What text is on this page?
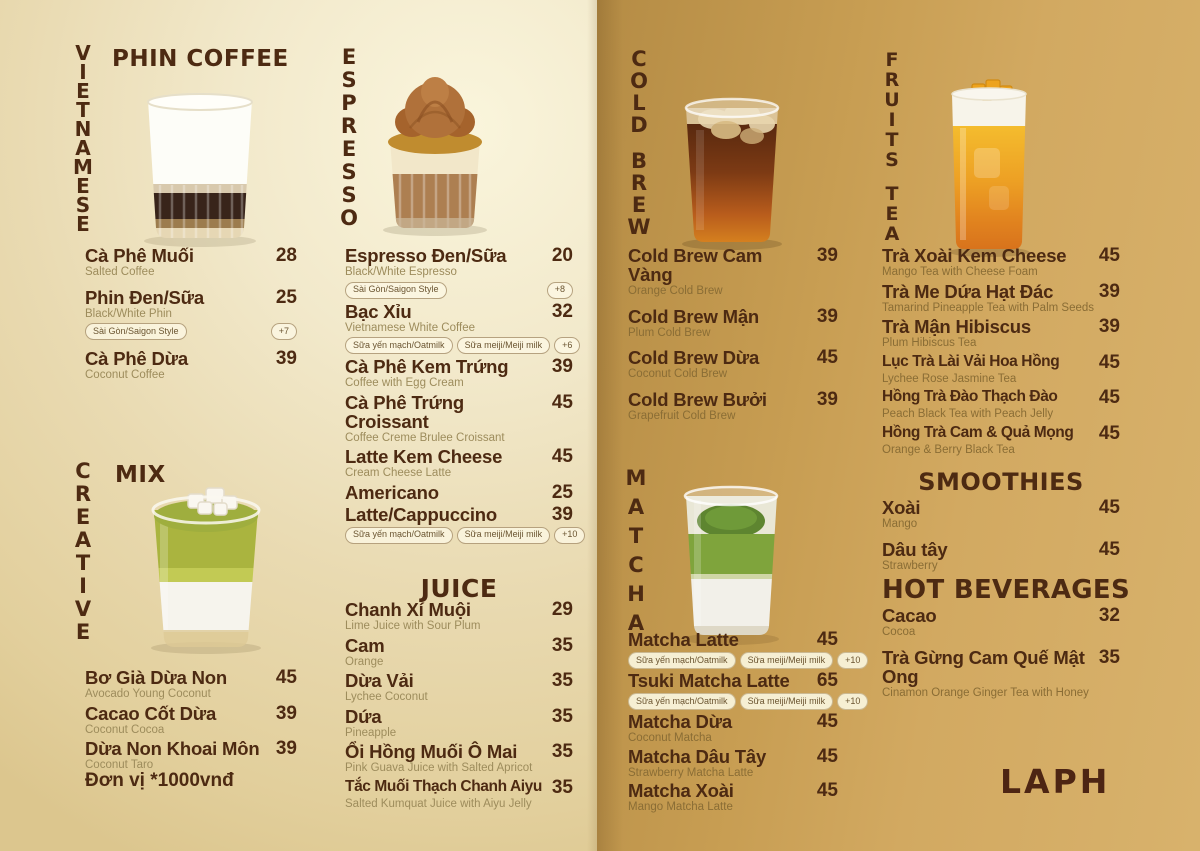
V
I
E
T
N
A
M
E
S
E
PHIN COFFEE
Cà Phê Muối	28
Salted Coffee
Phin Đen/Sữa	25
Black/White Phin
Sài Gòn/Saigon Style	+7
Cà Phê Dừa	39
Coconut Coffee
C
R
E
A
T
I
V
E
MIX
Bơ Già Dừa Non	45
Avocado Young Coconut
Cacao Cốt Dừa	39
Coconut Cocoa
Dừa Non Khoai Môn 39
Coconut Taro
Đơn vị *1000vnđ
E
S
P
R
E
S
S
O
Espresso Đen/Sữa	20
Black/White Espresso
Sài Gòn/Saigon Style	+8
Bạc Xỉu	32
Vietnamese White Coffee
Sữa yến mạch/Oatmilk	Sữa meiji/Meiji milk	+6
Cà Phê Kem Trứng	39
Coffee with Egg Cream
Cà Phê Trứng Croissant
45
Coffee Creme Brulee Croissant
Latte Kem Cheese	45
Cream Cheese Latte
Americano	25
Latte/Cappuccino	39
Sữa yến mạch/Oatmilk	Sữa meiji/Meiji milk	+10
JUICE
Chanh Xí Muội	29
Lime Juice with Sour Plum
Cam	35
Orange
Dừa Vải	35
Lychee Coconut
Dứa	35
Pineapple
Ổi Hồng Muối Ô Mai	35
Pink Guava Juice with Salted Apricot
Tắc Muối Thạch Chanh Aiyu 35
Salted Kumquat Juice with Aiyu Jelly
C
O
L
D
B
R
E
W
Cold Brew Cam Vàng
39
Orange Cold Brew
Cold Brew Mận	39
Plum Cold Brew
Cold Brew Dừa	45
Coconut Cold Brew
Cold Brew Bưởi	39
Grapefruit Cold Brew
M
A
T
C
H
A
Matcha Latte	45
Sữa yến mạch/Oatmilk	Sữa meiji/Meiji milk	+10
Tsuki Matcha Latte	65
Sữa yến mạch/Oatmilk	Sữa meiji/Meiji milk	+10
Matcha Dừa	45
Coconut Matcha
Matcha Dâu Tây	45
Strawberry Matcha Latte
Matcha Xoài	45
Mango Matcha Latte
F
R
U
I
T
S
T
E
A
Trà Xoài Kem Cheese	45
Mango Tea with Cheese Foam
Trà Me Dứa Hạt Đác	39
Tamarind Pineapple Tea with Palm Seeds
Trà Mận Hibiscus	39
Plum Hibiscus Tea
Lục Trà Lài Vải Hoa Hồng	45
Lychee Rose Jasmine Tea
Hồng Trà Đào Thạch Đào	45
Peach Black Tea with Peach Jelly
Hồng Trà Cam & Quả Mọng	45
Orange & Berry Black Tea
SMOOTHIES
Xoài	45
Mango
Dâu tây	45
Strawberry
HOT BEVERAGES
Cacao	32
Cocoa
Trà Gừng Cam Quế Mật Ong
35
Cinamon Orange Ginger Tea with Honey
LAPH
